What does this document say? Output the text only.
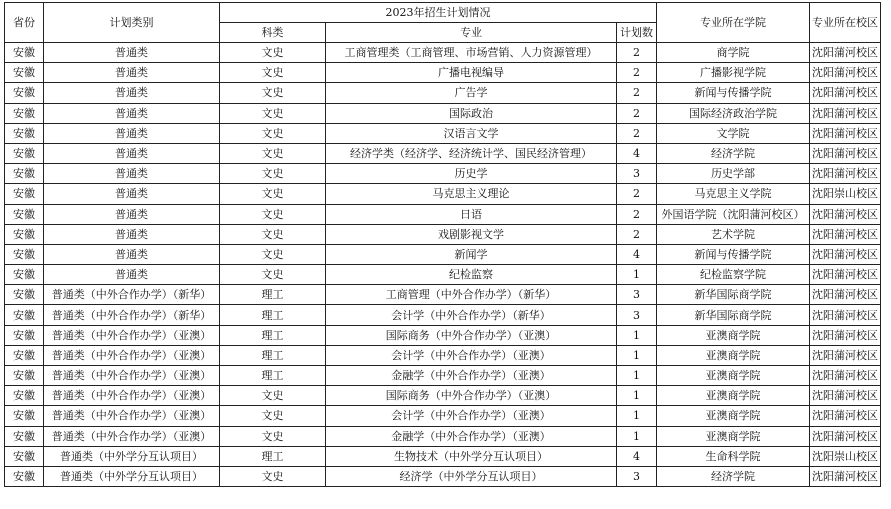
省份	计划类别	2023年招生计划情况			专业所在学院	专业所在校区
		科类	专业	计划数		
安徽	普通类	文史	工商管理类（工商管理、市场营销、人力资源管理）	2	商学院	沈阳蒲河校区
安徽	普通类	文史	广播电视编导	2	广播影视学院	沈阳蒲河校区
安徽	普通类	文史	广告学	2	新闻与传播学院	沈阳蒲河校区
安徽	普通类	文史	国际政治	2	国际经济政治学院	沈阳蒲河校区
安徽	普通类	文史	汉语言文学	2	文学院	沈阳蒲河校区
安徽	普通类	文史	经济学类（经济学、经济统计学、国民经济管理）	4	经济学院	沈阳蒲河校区
安徽	普通类	文史	历史学	3	历史学部	沈阳蒲河校区
安徽	普通类	文史	马克思主义理论	2	马克思主义学院	沈阳崇山校区
安徽	普通类	文史	日语	2	外国语学院（沈阳蒲河校区）	沈阳蒲河校区
安徽	普通类	文史	戏剧影视文学	2	艺术学院	沈阳蒲河校区
安徽	普通类	文史	新闻学	4	新闻与传播学院	沈阳蒲河校区
安徽	普通类	文史	纪检监察	1	纪检监察学院	沈阳蒲河校区
安徽	普通类（中外合作办学）（新华）	理工	工商管理（中外合作办学）（新华）	3	新华国际商学院	沈阳蒲河校区
安徽	普通类（中外合作办学）（新华）	理工	会计学（中外合作办学）（新华）	3	新华国际商学院	沈阳蒲河校区
安徽	普通类（中外合作办学）（亚澳）	理工	国际商务（中外合作办学）（亚澳）	1	亚澳商学院	沈阳蒲河校区
安徽	普通类（中外合作办学）（亚澳）	理工	会计学（中外合作办学）（亚澳）	1	亚澳商学院	沈阳蒲河校区
安徽	普通类（中外合作办学）（亚澳）	理工	金融学（中外合作办学）（亚澳）	1	亚澳商学院	沈阳蒲河校区
安徽	普通类（中外合作办学）（亚澳）	文史	国际商务（中外合作办学）（亚澳）	1	亚澳商学院	沈阳蒲河校区
安徽	普通类（中外合作办学）（亚澳）	文史	会计学（中外合作办学）（亚澳）	1	亚澳商学院	沈阳蒲河校区
安徽	普通类（中外合作办学）（亚澳）	文史	金融学（中外合作办学）（亚澳）	1	亚澳商学院	沈阳蒲河校区
安徽	普通类（中外学分互认项目）	理工	生物技术（中外学分互认项目）	4	生命科学院	沈阳崇山校区
安徽	普通类（中外学分互认项目）	文史	经济学（中外学分互认项目）	3	经济学院	沈阳蒲河校区
